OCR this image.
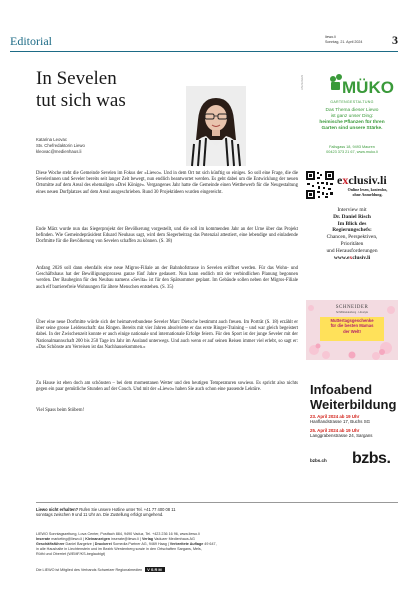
Editorial	liewo.li
Sonntag, 21. April 2024 3
In Sevelen
tut sich was
Katarina Leovac
Stv. Chefredaktorin Liewo
kleovac@medienhaus.li

Diese Woche steht die Gemeinde Sevelen im Fokus der «Liewo». Und in dem Ort tut sich künftig so einiges. So soll eine Frage, die die Sevelerinnen und Seveler bereits seit langer Zeit bewegt, nun endlich beantwortet werden. Es geht dabei um die Entwicklung der neuen Ortsmitte auf dem Areal des ehemaligen «Drei Könige». Vergangenes Jahr hatte die Gemeinde einen Wettbewerb für die Neugestaltung eines neuen Dorfplatzes auf dem Areal ausgeschrieben. Rund 30 Projektideen wurden eingereicht.

Ende März wurde nun das Siegerprojekt der Bevölkerung vorgestellt, und die soll im kommenden Jahr an der Urne über das Projekt befinden. Wie Gemeindepräsident Eduard Neuhaus sagt, wird dem Siegerbeitrag das Potenzial attestiert, eine lebendige und einladende Dorfmitte für die Bevölkerung von Sevelen schaffen zu können. (S. 38)

Anfang 2026 soll dann ebenfalls eine neue Migros-Filiale an der Bahnhofstrasse in Sevelen eröffnet werden. Für das Wohn- und Geschäftshaus hat der Bewilligungsprozess ganze fünf Jahre gedauert. Nun kann endlich mit der verbindlichen Planung begonnen werden. Der Baubeginn für den Neubau namens «Sevita» ist für den Spätsommer geplant. Im Gebäude sollen neben der Migros-Filiale auch elf barrierefreie Wohnungen für ältere Menschen entstehen. (S. 35)

Über eine neue Dorfmitte würde sich der heimatverbundene Seveler Marc Dietsche bestimmt auch freuen. Im Porträt (S. 18) erzählt er über seine grosse Leidenschaft: das Ringen. Bereits mit vier Jahren absolvierte er das erste Ringer-Training – und war gleich begeistert dabei. In der Zwischenzeit konnte er auch einige nationale und internationale Erfolge feiern. Für den Sport ist der junge Seveler mit der Nationalmannschaft 200 bis 250 Tage im Jahr im Ausland unterwegs. Und auch wenn er auf seinen Reisen immer viel erlebt, so sagt er: «Das Schönste am Verreisen ist das Nachhausekommen.»

Zu Hause ist eben doch am schönsten – bei dem momentanen Wetter und den heutigen Temperaturen sowieso. Es spricht also nichts gegen ein paar gemütliche Stunden auf der Couch. Und mit der «Liewo» haben Sie auch schon eine passende Lektüre.

Viel Spass beim Stöbern!

ANZEIGEN MÜKO
GARTENGESTALTUNG
Das Thema dieser Liewo
ist ganz unser Ding:
heimische Pflanzen für Ihren
Garten sind unsere Stärke.
Fallsgass 18, 9493 Mauren
00423 373 21 67, www.muko.li
exclusiv.li
Online lesen, kostenlos,
ohne Anmeldung.
Interview mit
Dr. Daniel Risch
Im Blick des
Regierungschefs:
Chancen, Perspektiven,
Prioritäten
und Herausforderungen
www.exclusiv.li
SCHNEIDER
Schiffsbekleidung · Lifestyle
Muttertagsgeschenke
für die besten Mamas
der Welt!
Infoabend
Weiterbildung
23. April 2024 ab 19 Uhr
Hanflandstrasse 17, Buchs SG
25. April 2024 ab 19 Uhr
Langgrabenstrasse 24, Sargans
bzbs.ch bzbs.
Liewo nicht erhalten? Rufen Sie unsere Hotline unter Tel. +41 77 400 08 11
sonntags zwischen 9 und 11 Uhr an. Die Zustellung erfolgt umgehend.
LIEWO Sonntagszeitung, Lova Center, Postfach 884, 9490 Vaduz, Tel. +423 236 16 96, www.liewo.li
Inserate marketing@liewo.li | Kleinanzeigen inserate@liewo.li | Verlag Vaduzer Medienhaus AG
Geschäftsführer Daniel Bargetze | Druckerei Somedia Partner AG, 9469 Haag | Verbreitete Auflage 49 647,
in alle Haushalte in Liechtenstein und im Bezirk Werdenberg sowie in den Ortschaften Sargans, Mels,
Rüthi und Oberriet (WEMF/KS-beglaubigt)
Die LIEWO ist Mitglied des Verbands Schweizer Regionalmedien	VSRM
